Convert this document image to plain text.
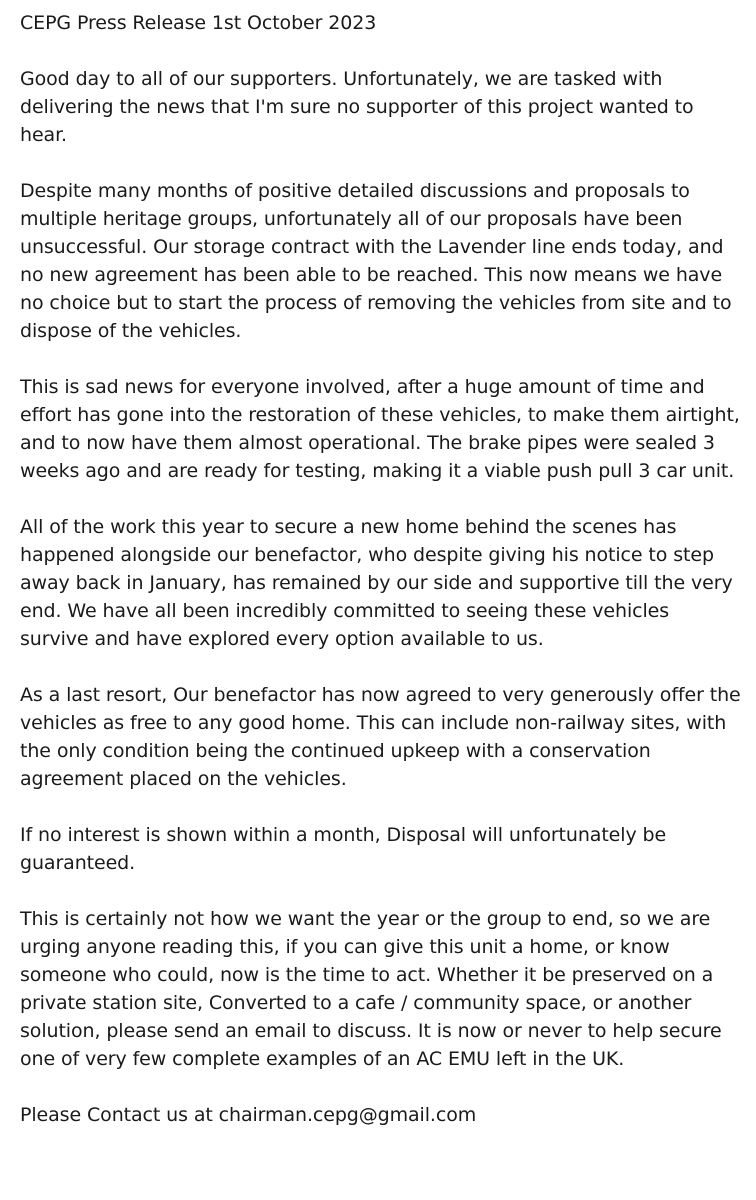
CEPG Press Release 1st October 2023

Good day to all of our supporters. Unfortunately, we are tasked with delivering the news that I'm sure no supporter of this project wanted to hear.

Despite many months of positive detailed discussions and proposals to multiple heritage groups, unfortunately all of our proposals have been unsuccessful. Our storage contract with the Lavender line ends today, and no new agreement has been able to be reached. This now means we have no choice but to start the process of removing the vehicles from site and to dispose of the vehicles.

This is sad news for everyone involved, after a huge amount of time and effort has gone into the restoration of these vehicles, to make them airtight, and to now have them almost operational. The brake pipes were sealed 3 weeks ago and are ready for testing, making it a viable push pull 3 car unit.

All of the work this year to secure a new home behind the scenes has happened alongside our benefactor, who despite giving his notice to step away back in January, has remained by our side and supportive till the very end. We have all been incredibly committed to seeing these vehicles survive and have explored every option available to us.

As a last resort, Our benefactor has now agreed to very generously offer the vehicles as free to any good home. This can include non-railway sites, with the only condition being the continued upkeep with a conservation agreement placed on the vehicles.

If no interest is shown within a month, Disposal will unfortunately be guaranteed.

This is certainly not how we want the year or the group to end, so we are urging anyone reading this, if you can give this unit a home, or know someone who could, now is the time to act. Whether it be preserved on a private station site, Converted to a cafe / community space, or another solution, please send an email to discuss. It is now or never to help secure one of very few complete examples of an AC EMU left in the UK.

Please Contact us at chairman.cepg@gmail.com
